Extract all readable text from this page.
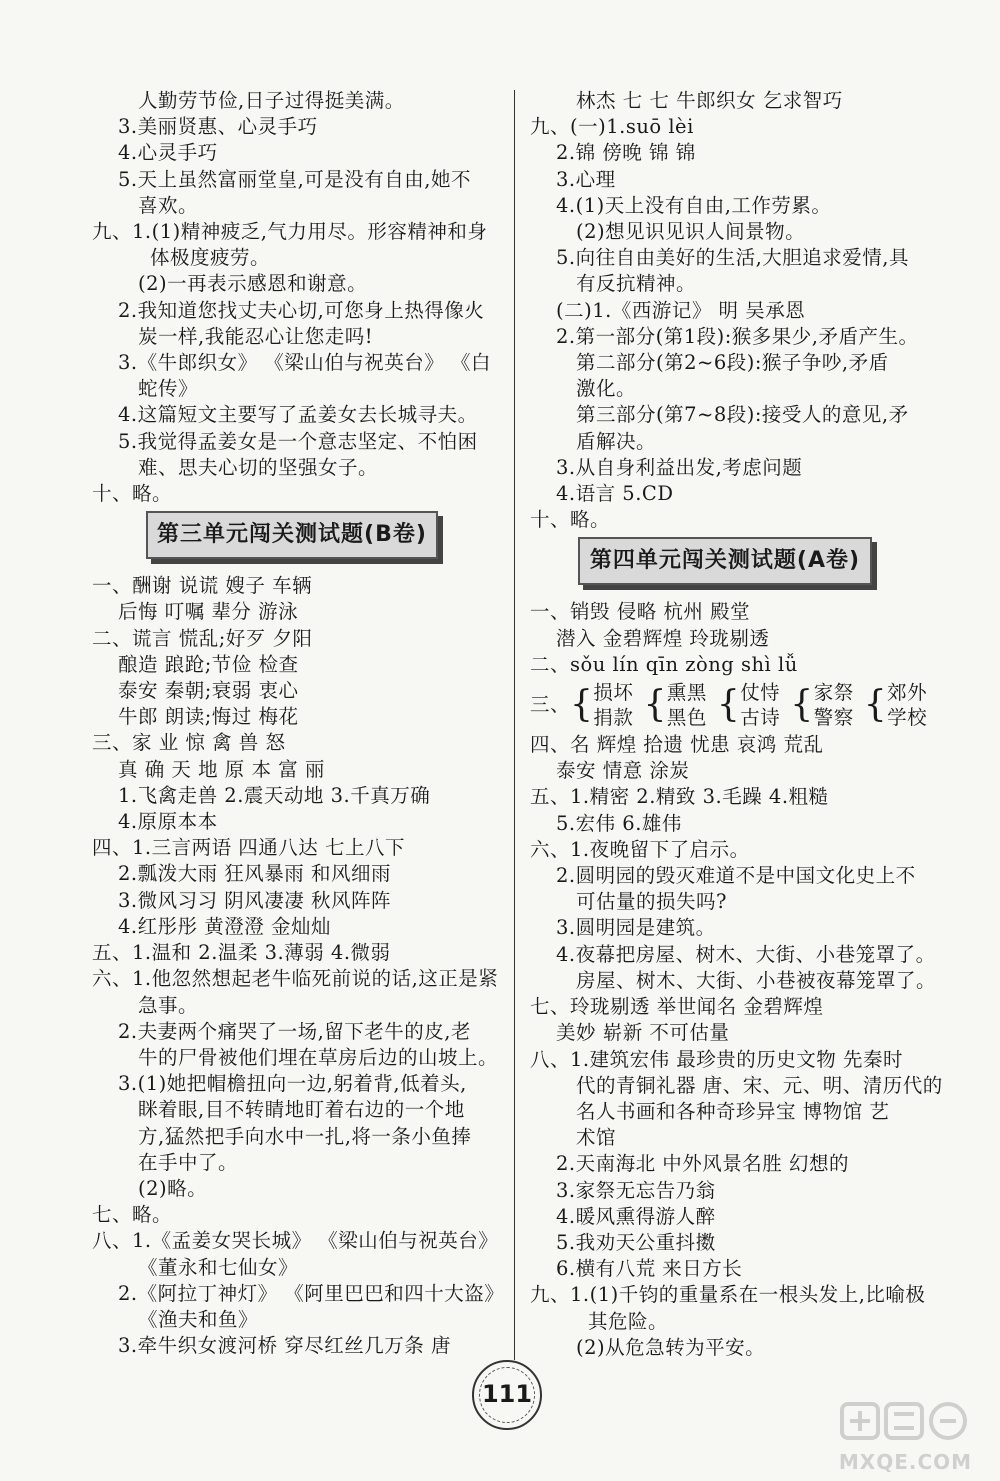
人勤劳节俭,日子过得挺美满。
3.美丽贤惠、心灵手巧
4.心灵手巧
5.天上虽然富丽堂皇,可是没有自由,她不
喜欢。
九、1.(1)精神疲乏,气力用尽。形容精神和身
体极度疲劳。
(2)一再表示感恩和谢意。
2.我知道您找丈夫心切,可您身上热得像火
炭一样,我能忍心让您走吗!
3.《牛郎织女》 《梁山伯与祝英台》 《白
蛇传》
4.这篇短文主要写了孟姜女去长城寻夫。
5.我觉得孟姜女是一个意志坚定、不怕困
难、思夫心切的坚强女子。
十、略。
第三单元闯关测试题(B卷)
一、酬谢 说谎 嫂子 车辆
后悔 叮嘱 辈分 游泳
二、谎言 慌乱;好歹 夕阳
酿造 踉跄;节俭 检查
泰安 秦朝;衰弱 衷心
牛郎 朗读;悔过 梅花
三、家 业 惊 禽 兽 怒
真 确 天 地 原 本 富 丽
1.飞禽走兽 2.震天动地 3.千真万确
4.原原本本
四、1.三言两语 四通八达 七上八下
2.瓢泼大雨 狂风暴雨 和风细雨
3.微风习习 阴风凄凄 秋风阵阵
4.红彤彤 黄澄澄 金灿灿
五、1.温和 2.温柔 3.薄弱 4.微弱
六、1.他忽然想起老牛临死前说的话,这正是紧
急事。
2.夫妻两个痛哭了一场,留下老牛的皮,老
牛的尸骨被他们埋在草房后边的山坡上。
3.(1)她把帽檐扭向一边,躬着背,低着头,
眯着眼,目不转睛地盯着右边的一个地
方,猛然把手向水中一扎,将一条小鱼捧
在手中了。
(2)略。
七、略。
八、1.《孟姜女哭长城》 《梁山伯与祝英台》
《董永和七仙女》
2.《阿拉丁神灯》 《阿里巴巴和四十大盗》
《渔夫和鱼》
3.牵牛织女渡河桥 穿尽红丝几万条 唐
林杰 七 七 牛郎织女 乞求智巧
九、(一)1.suō lèi
2.锦 傍晚 锦 锦
3.心理
4.(1)天上没有自由,工作劳累。
(2)想见识见识人间景物。
5.向往自由美好的生活,大胆追求爱情,具
有反抗精神。
(二)1.《西游记》 明 吴承恩
2.第一部分(第1段):猴多果少,矛盾产生。
第二部分(第2~6段):猴子争吵,矛盾
激化。
第三部分(第7~8段):接受人的意见,矛
盾解决。
3.从自身利益出发,考虑问题
4.语言 5.CD
十、略。
第四单元闯关测试题(A卷)
一、销毁 侵略 杭州 殿堂
潜入 金碧辉煌 玲珑剔透
二、sǒu lín qīn zòng shì lǚ
三、 { 损坏
捐款 { 熏黑
黑色 { 仗恃
古诗 { 家祭
警察 { 郊外
学校
四、名 辉煌 拾遗 忧患 哀鸿 荒乱
泰安 情意 涂炭
五、1.精密 2.精致 3.毛躁 4.粗糙
5.宏伟 6.雄伟
六、1.夜晚留下了启示。
2.圆明园的毁灭难道不是中国文化史上不
可估量的损失吗?
3.圆明园是建筑。
4.夜幕把房屋、树木、大街、小巷笼罩了。
房屋、树木、大街、小巷被夜幕笼罩了。
七、玲珑剔透 举世闻名 金碧辉煌
美妙 崭新 不可估量
八、1.建筑宏伟 最珍贵的历史文物 先秦时
代的青铜礼器 唐、宋、元、明、清历代的
名人书画和各种奇珍异宝 博物馆 艺
术馆
2.天南海北 中外风景名胜 幻想的
3.家祭无忘告乃翁
4.暖风熏得游人醉
5.我劝天公重抖擞
6.横有八荒 来日方长
九、1.(1)千钧的重量系在一根头发上,比喻极
其危险。
(2)从危急转为平安。
111
MXQE.COM
